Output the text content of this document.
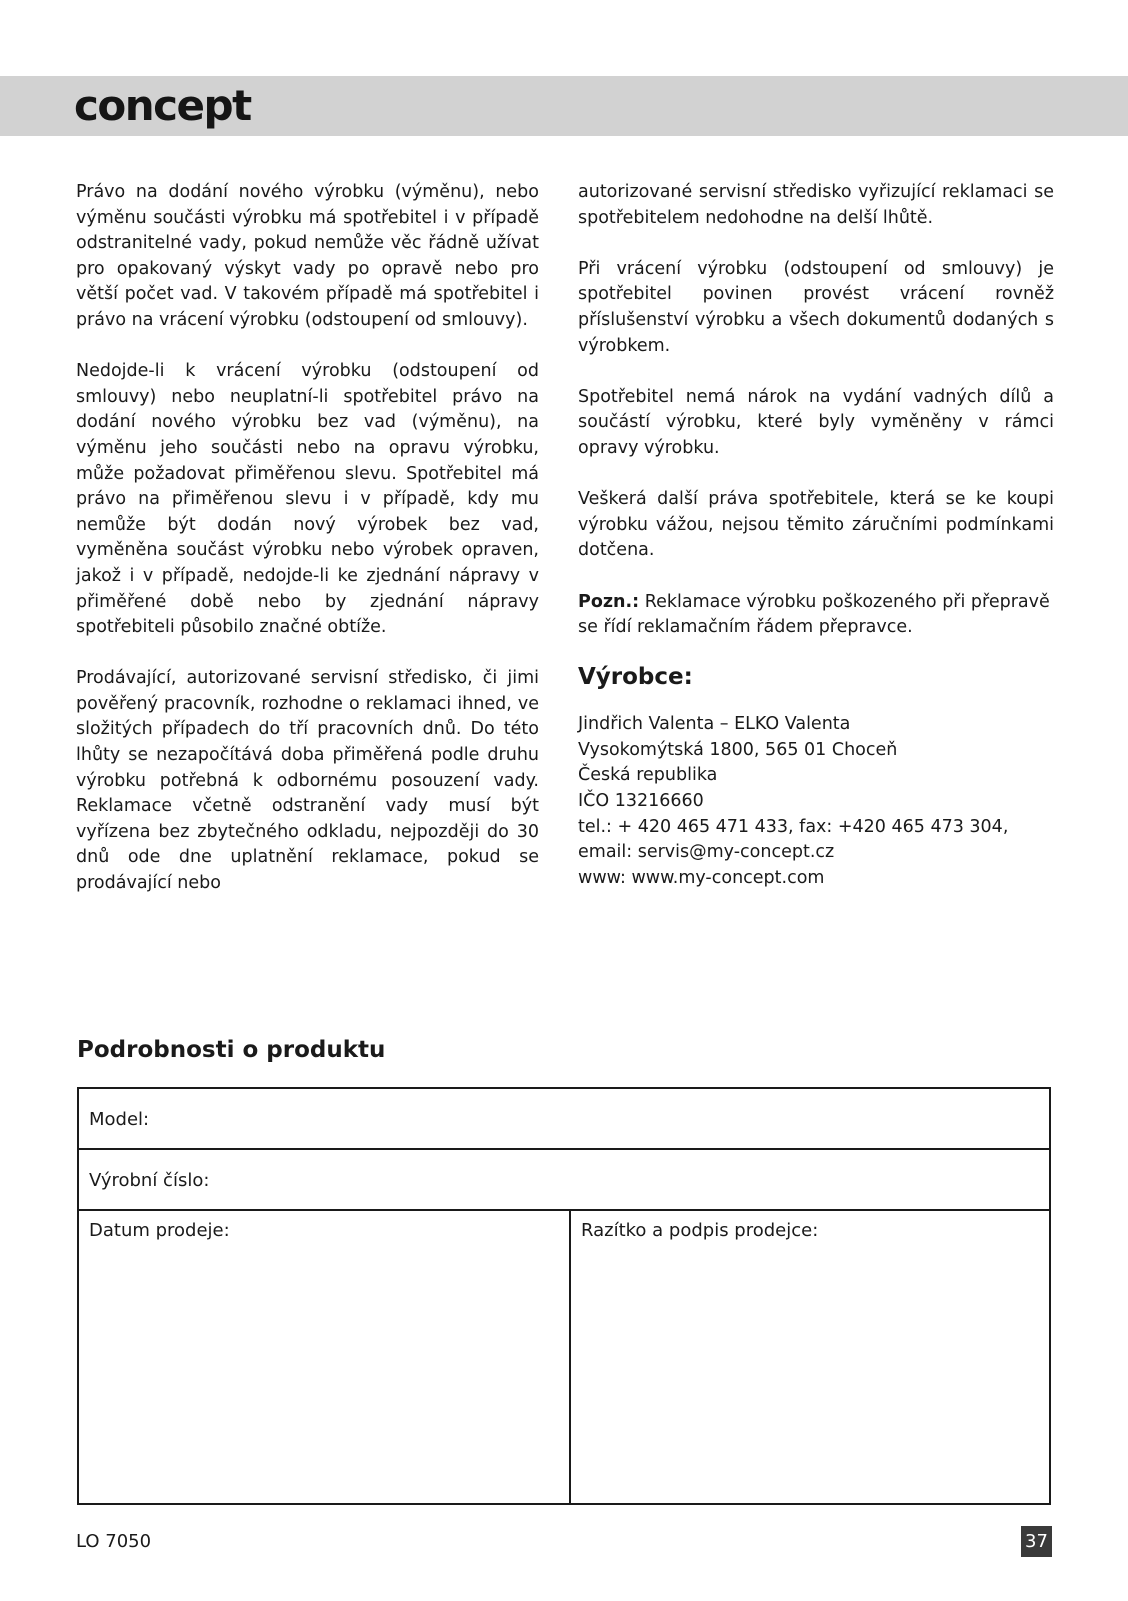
concept

Právo na dodání nového výrobku (výměnu), nebo výměnu součásti výrobku má spotřebitel i v případě odstranitelné vady, pokud nemůže věc řádně užívat pro opakovaný výskyt vady po opravě nebo pro větší počet vad. V takovém případě má spotřebitel i právo na vrácení výrobku (odstoupení od smlouvy).

Nedojde-li k vrácení výrobku (odstoupení od smlouvy) nebo neuplatní-li spotřebitel právo na dodání nového výrobku bez vad (výměnu), na výměnu jeho součásti nebo na opravu výrobku, může požadovat přiměřenou slevu. Spotřebitel má právo na přiměřenou slevu i v případě, kdy mu nemůže být dodán nový výrobek bez vad, vyměněna součást výrobku nebo výrobek opraven, jakož i v případě, nedojde-li ke zjednání nápravy v přiměřené době nebo by zjednání nápravy spotřebiteli působilo značné obtíže.

Prodávající, autorizované servisní středisko, či jimi pověřený pracovník, rozhodne o reklamaci ihned, ve složitých případech do tří pracovních dnů. Do této lhůty se nezapočítává doba přiměřená podle druhu výrobku potřebná k odbornému posouzení vady. Reklamace včetně odstranění vady musí být vyřízena bez zbytečného odkladu, nejpozději do 30 dnů ode dne uplatnění reklamace, pokud se prodávající nebo

autorizované servisní středisko vyřizující reklamaci se spotřebitelem nedohodne na delší lhůtě.

Při vrácení výrobku (odstoupení od smlouvy) je spotřebitel povinen provést vrácení rovněž příslušenství výrobku a všech dokumentů dodaných s výrobkem.

Spotřebitel nemá nárok na vydání vadných dílů a součástí výrobku, které byly vyměněny v rámci opravy výrobku.

Veškerá další práva spotřebitele, která se ke koupi výrobku vážou, nejsou těmito záručními podmínkami dotčena.

Pozn.: Reklamace výrobku poškozeného při přepravě se řídí reklamačním řádem přepravce.

Výrobce:
Jindřich Valenta – ELKO Valenta
Vysokomýtská 1800, 565 01 Choceň
Česká republika
IČO 13216660
tel.: + 420 465 471 433, fax: +420 465 473 304,
email: servis@my-concept.cz
www: www.my-concept.com
Podrobnosti o produktu
Model:
Výrobní číslo:
Datum prodeje:	Razítko a podpis prodejce:
LO 7050	37
